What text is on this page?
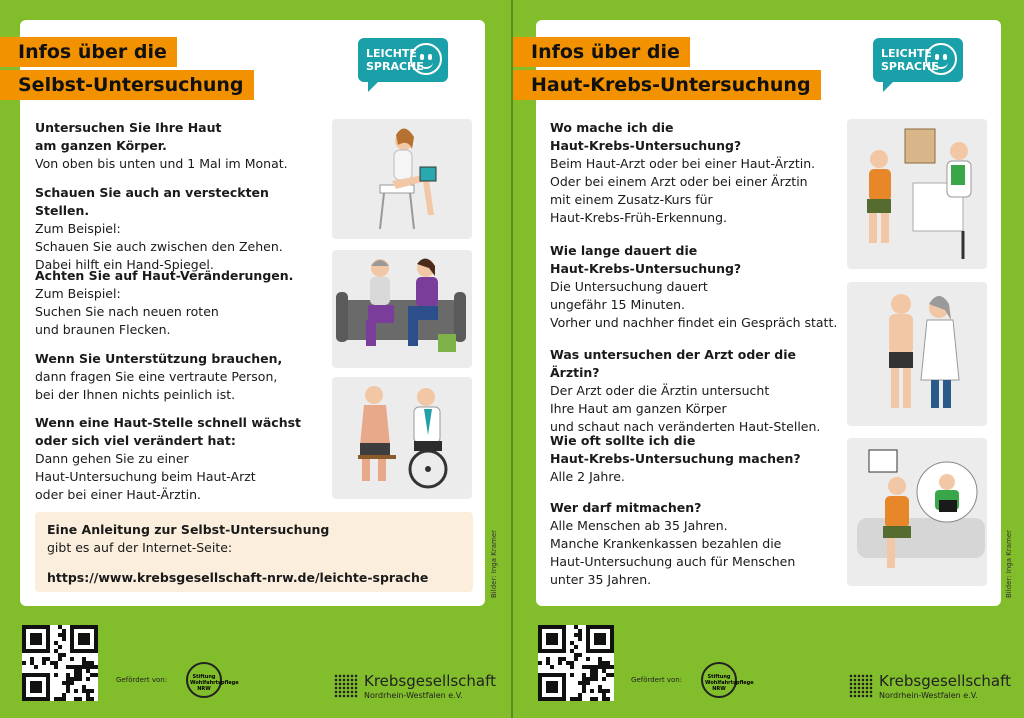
Infos über die
Selbst-Untersuchung
LEICHTE SPRACHE
Untersuchen Sie Ihre Haut
am ganzen Körper.
Von oben bis unten und 1 Mal im Monat.
Schauen Sie auch an versteckten Stellen.
Zum Beispiel:
Schauen Sie auch zwischen den Zehen.
Dabei hilft ein Hand-Spiegel.
Achten Sie auf Haut-Veränderungen.
Zum Beispiel:
Suchen Sie nach neuen roten
und braunen Flecken.
Wenn Sie Unterstützung brauchen,
dann fragen Sie eine vertraute Person,
bei der Ihnen nichts peinlich ist.
Wenn eine Haut-Stelle schnell wächst
oder sich viel verändert hat:
Dann gehen Sie zu einer
Haut-Untersuchung beim Haut-Arzt
oder bei einer Haut-Ärztin.
Eine Anleitung zur Selbst-Untersuchung
gibt es auf der Internet-Seite:
https://www.krebsgesellschaft-nrw.de/leichte-sprache	Bilder: Inga Kramer
Gefördert von:	Stiftung Wohlfahrtspflege NRW	Krebsgesellschaft
Nordrhein-Westfalen e.V.
Infos über die
Haut-Krebs-Untersuchung
LEICHTE SPRACHE
Wo mache ich die
Haut-Krebs-Untersuchung?
Beim Haut-Arzt oder bei einer Haut-Ärztin.
Oder bei einem Arzt oder bei einer Ärztin
mit einem Zusatz-Kurs für
Haut-Krebs-Früh-Erkennung.
Wie lange dauert die
Haut-Krebs-Untersuchung?
Die Untersuchung dauert
ungefähr 15 Minuten.
Vorher und nachher findet ein Gespräch statt.
Was untersuchen der Arzt oder die Ärztin?
Der Arzt oder die Ärztin untersucht
Ihre Haut am ganzen Körper
und schaut nach veränderten Haut-Stellen.
Wie oft sollte ich die
Haut-Krebs-Untersuchung machen?
Alle 2 Jahre.
Wer darf mitmachen?
Alle Menschen ab 35 Jahren.
Manche Krankenkassen bezahlen die
Haut-Untersuchung auch für Menschen
unter 35 Jahren.	Bilder: Inga Kramer
Gefördert von:	Stiftung Wohlfahrtspflege NRW	Krebsgesellschaft
Nordrhein-Westfalen e.V.
